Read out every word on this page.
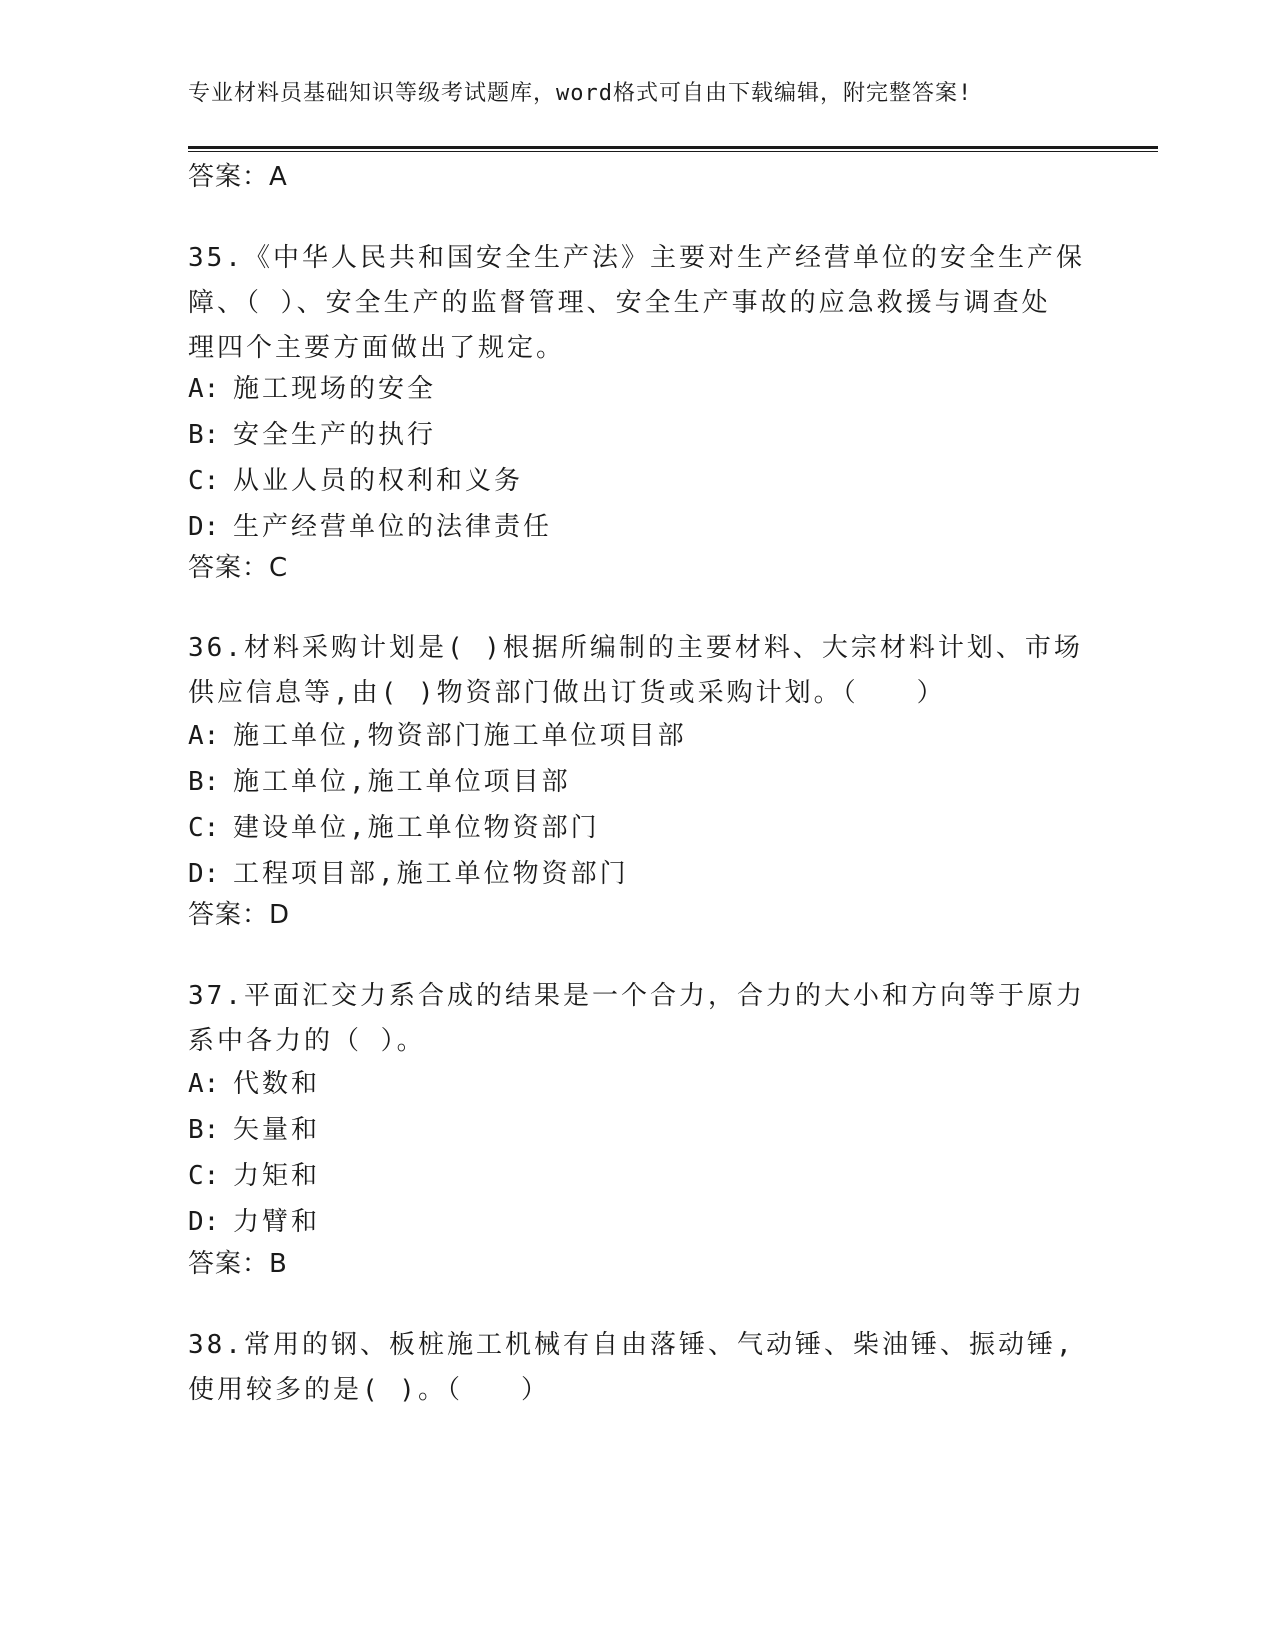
专业材料员基础知识等级考试题库，word格式可自由下载编辑，附完整答案!
答案：A
35.《中华人民共和国安全生产法》主要对生产经营单位的安全生产保
障、（ ）、安全生产的监督管理、安全生产事故的应急救援与调查处
理四个主要方面做出了规定。
A: 施工现场的安全
B: 安全生产的执行
C: 从业人员的权利和义务
D: 生产经营单位的法律责任
答案：C
36.材料采购计划是( )根据所编制的主要材料、大宗材料计划、市场
供应信息等,由( )物资部门做出订货或采购计划。（　　）
A: 施工单位,物资部门施工单位项目部
B: 施工单位,施工单位项目部
C: 建设单位,施工单位物资部门
D: 工程项目部,施工单位物资部门
答案：D
37.平面汇交力系合成的结果是一个合力，合力的大小和方向等于原力
系中各力的（ ）。
A: 代数和
B: 矢量和
C: 力矩和
D: 力臂和
答案：B
38.常用的钢、板桩施工机械有自由落锤、气动锤、柴油锤、振动锤,
使用较多的是( )。（　　）
